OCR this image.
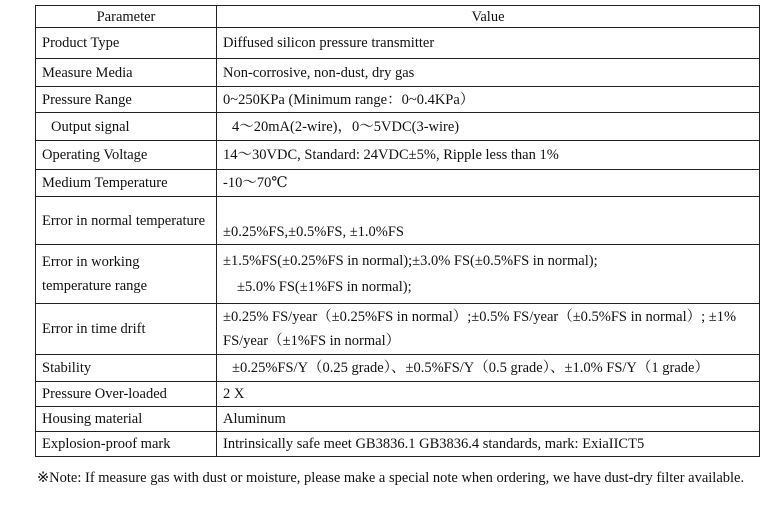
Parameter	Value
Product Type	Diffused silicon pressure transmitter
Measure Media	Non-corrosive, non-dust, dry gas
Pressure Range	0~250KPa (Minimum range：0~0.4KPa）
Output signal	4～20mA(2-wire)，0～5VDC(3-wire)
Operating Voltage	14～30VDC, Standard: 24VDC±5%, Ripple less than 1%
Medium Temperature	-10～70℃
Error in normal temperature	±0.25%FS,±0.5%FS, ±1.0%FS
Error in working temperature range	±1.5%FS(±0.25%FS in normal);±3.0% FS(±0.5%FS in normal);
±5.0% FS(±1%FS in normal);

Error in time drift	±0.25% FS/year（±0.25%FS in normal）;±0.5% FS/year（±0.5%FS in normal）; ±1% FS/year（±1%FS in normal）
Stability	±0.25%FS/Y（0.25 grade）、±0.5%FS/Y（0.5 grade）、±1.0% FS/Y（1 grade）
Pressure Over-loaded	2 X
Housing material	Aluminum
Explosion-proof mark	Intrinsically safe meet GB3836.1 GB3836.4 standards, mark: ExiaIICT5
※Note: If measure gas with dust or moisture, please make a special note when ordering, we have dust-dry filter available.
